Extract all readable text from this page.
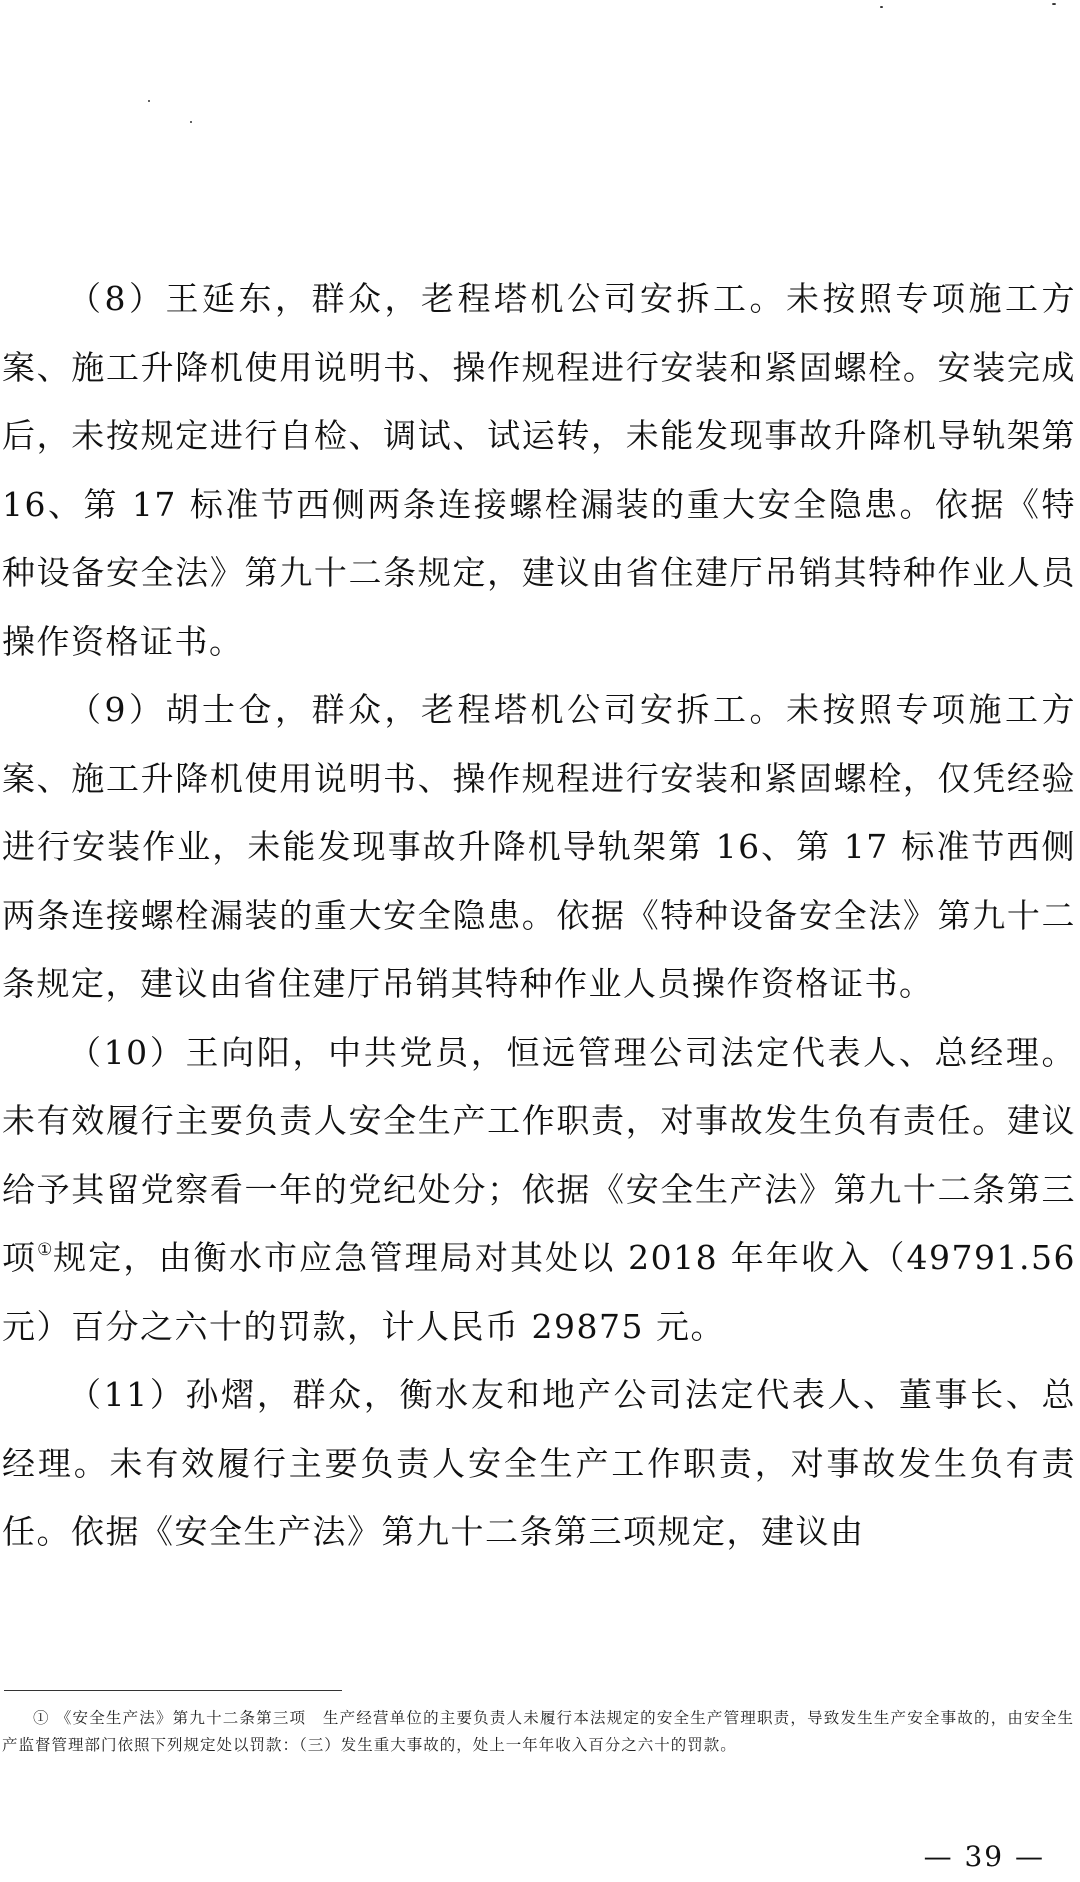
（8）王延东，群众，老程塔机公司安拆工。未按照专项施工方案、施工升降机使用说明书、操作规程进行安装和紧固螺栓。安装完成后，未按规定进行自检、调试、试运转，未能发现事故升降机导轨架第 16、第 17 标准节西侧两条连接螺栓漏装的重大安全隐患。依据《特种设备安全法》第九十二条规定，建议由省住建厅吊销其特种作业人员操作资格证书。

（9）胡士仓，群众，老程塔机公司安拆工。未按照专项施工方案、施工升降机使用说明书、操作规程进行安装和紧固螺栓，仅凭经验进行安装作业，未能发现事故升降机导轨架第 16、第 17 标准节西侧两条连接螺栓漏装的重大安全隐患。依据《特种设备安全法》第九十二条规定，建议由省住建厅吊销其特种作业人员操作资格证书。

（10）王向阳，中共党员，恒远管理公司法定代表人、总经理。未有效履行主要负责人安全生产工作职责，对事故发生负有责任。建议给予其留党察看一年的党纪处分；依据《安全生产法》第九十二条第三项①规定，由衡水市应急管理局对其处以 2018 年年收入（49791.56 元）百分之六十的罚款，计人民币 29875 元。

（11）孙熠，群众，衡水友和地产公司法定代表人、董事长、总经理。未有效履行主要负责人安全生产工作职责，对事故发生负有责任。依据《安全生产法》第九十二条第三项规定，建议由

① 《安全生产法》第九十二条第三项　生产经营单位的主要负责人未履行本法规定的安全生产管理职责，导致发生生产安全事故的，由安全生产监督管理部门依照下列规定处以罚款：（三）发生重大事故的，处上一年年收入百分之六十的罚款。

— 39 —
